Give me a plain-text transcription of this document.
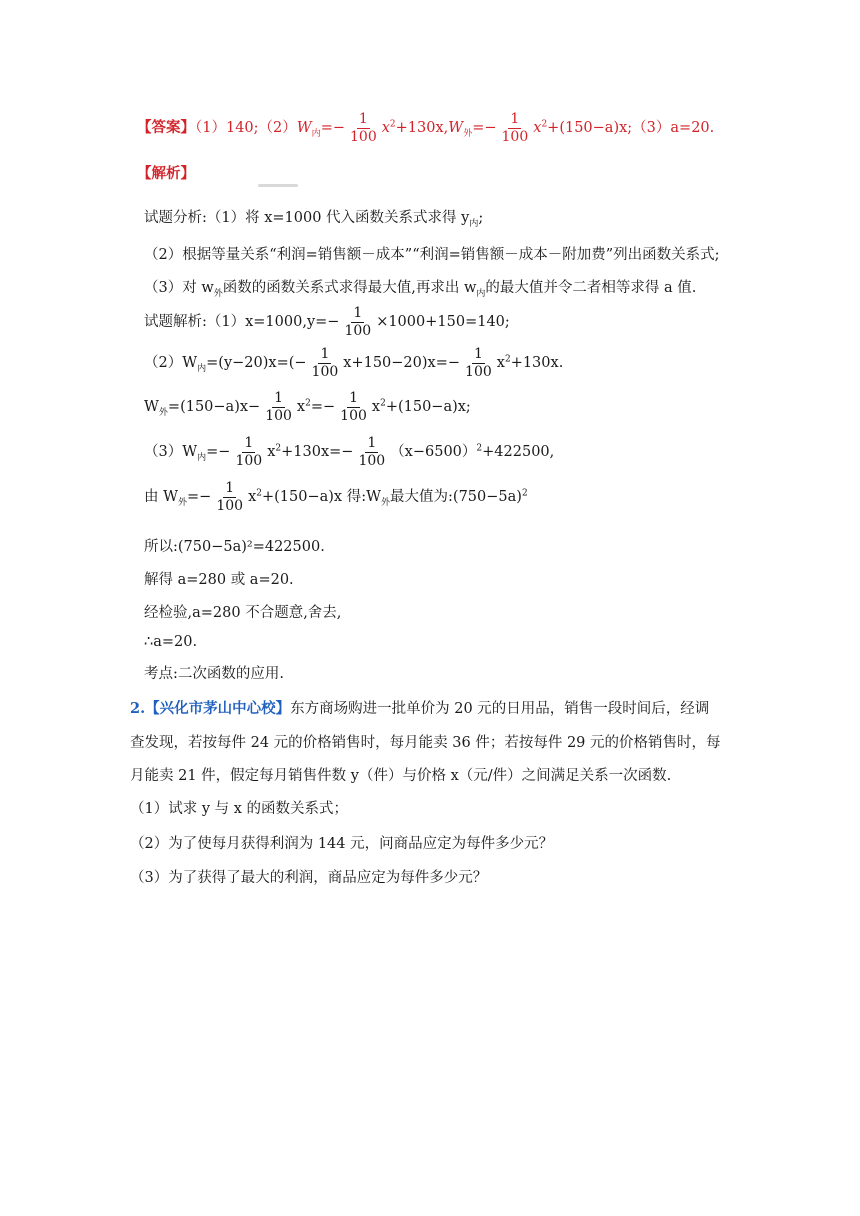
【答案】$(1)140;(2)W_内=- \frac{1}{100} x^2+130x,W_外=- \frac{1}{100}$ $x^2+(150-a)x;(3)a=20$.
【解析】
试题分析:（1）将 x=1000 代入函数关系式求得 $y_内$;
（2）根据等量关系“利润=销售额－成本”“利润=销售额－成本－附加费”列出函数关系式;
（3）对 $w_外$函数的函数关系式求得最大值,再求出 $w_内$的最大值并令二者相等求得 a 值.
试题解析:（1）x=1000,y=− $\frac{1}{100} \times 1000+150=140$;
$(2)W_内=(y-20)x=(- \frac{1}{100} x+150-20)x=- \frac{1}{100} x^2+130x$.
$W_外=(150-a)x- \frac{1}{100} x^2=- \frac{1}{100} x^2+(150-a)x$;
$(3)W_内=- \frac{1}{100} x^2+130x=- \frac{1}{100} (x-6500)^2+422500$,
由 $W_外=- \frac{1}{100} x^2+(150-a)x$ 得$:W_外$最大值为$:(750-5a)^2$
所以:(750−5a)²=422500.
解得 a=280 或 a=20.
经检验,a=280 不合题意,舍去,
∴a=20.
考点:二次函数的应用.
2.【兴化市茅山中心校】东方商场购进一批单价为 20 元的日用品，销售一段时间后，经调
查发现，若按每件 24 元的价格销售时，每月能卖 36 件；若按每件 29 元的价格销售时，每
月能卖 21 件，假定每月销售件数 y（件）与价格 x（元/件）之间满足关系一次函数.
（1）试求 y 与 x 的函数关系式；
（2）为了使每月获得利润为 144 元，问商品应定为每件多少元？
（3）为了获得了最大的利润，商品应定为每件多少元？
